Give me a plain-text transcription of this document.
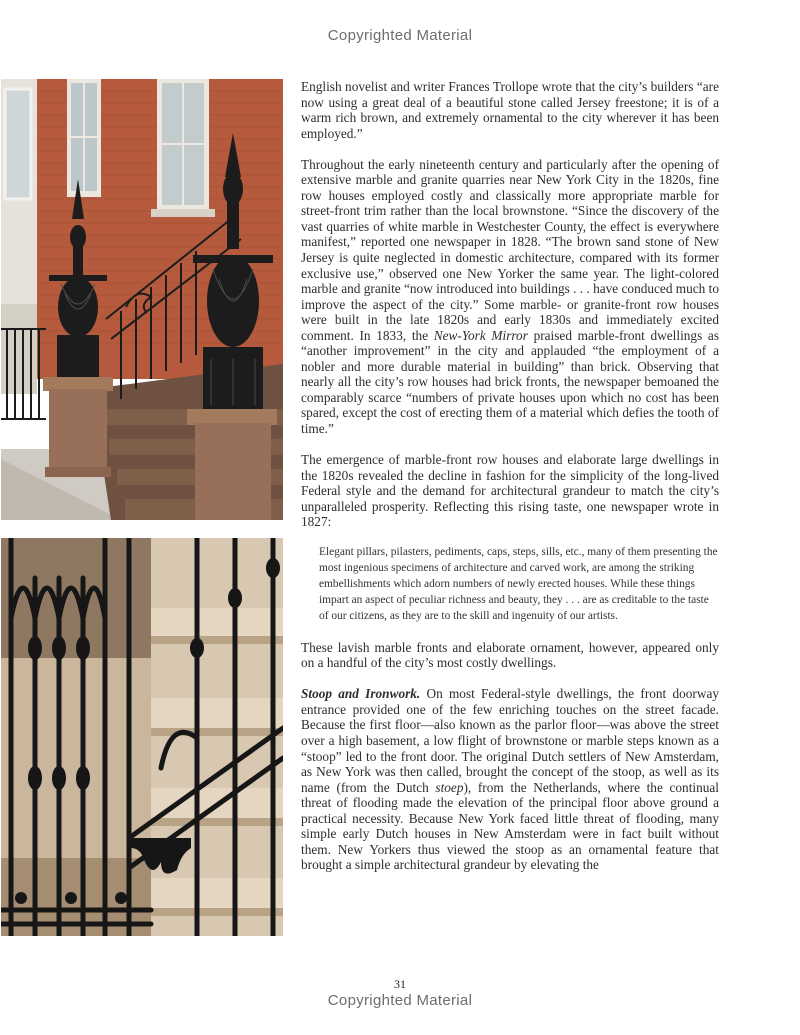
Copyrighted Material

English novelist and writer Frances Trollope wrote that the city’s builders “are now using a great deal of a beautiful stone called Jersey freestone; it is of a warm rich brown, and extremely ornamental to the city wherever it has been employed.”

Throughout the early nineteenth century and particularly after the opening of extensive marble and granite quarries near New York City in the 1820s, fine row houses employed costly and classically more appropriate marble for street-front trim rather than the local brownstone. “Since the discovery of the vast quarries of white marble in Westchester County, the effect is everywhere manifest,” reported one newspaper in 1828. “The brown sand stone of New Jersey is quite neglected in domestic architecture, compared with its former exclusive use,” observed one New Yorker the same year. The light-colored marble and granite “now introduced into buildings . . . have conduced much to improve the aspect of the city.” Some marble- or granite-front row houses were built in the late 1820s and early 1830s and immediately excited comment. In 1833, the New-York Mirror praised marble-front dwellings as “another improvement” in the city and applauded “the employment of a nobler and more durable material in building” than brick. Observing that nearly all the city’s row houses had brick fronts, the newspaper bemoaned the comparably scarce “numbers of private houses upon which no cost has been spared, except the cost of erecting them of a material which defies the tooth of time.”

The emergence of marble-front row houses and elaborate large dwellings in the 1820s revealed the decline in fashion for the simplicity of the long-lived Federal style and the demand for architectural grandeur to match the city’s unparalleled prosperity. Reflecting this rising taste, one newspaper wrote in 1827:

Elegant pillars, pilasters, pediments, caps, steps, sills, etc., many of them presenting the most ingenious specimens of architecture and carved work, are among the striking embellishments which adorn numbers of newly erected houses. While these things impart an aspect of peculiar richness and beauty, they . . . are as creditable to the taste of our citizens, as they are to the skill and ingenuity of our artists.

These lavish marble fronts and elaborate ornament, however, appeared only on a handful of the city’s most costly dwellings.

Stoop and Ironwork. On most Federal-style dwellings, the front doorway entrance provided one of the few enriching touches on the street facade. Because the first floor—also known as the parlor floor—was above the street over a high basement, a low flight of brownstone or marble steps known as a “stoop” led to the front door. The original Dutch settlers of New Amsterdam, as New York was then called, brought the concept of the stoop, as well as its name (from the Dutch stoep), from the Netherlands, where the continual threat of flooding made the elevation of the principal floor above ground a practical necessity. Because New York faced little threat of flooding, many simple early Dutch houses in New Amsterdam were in fact built without them. New Yorkers thus viewed the stoop as an ornamental feature that brought a simple architectural grandeur by elevating the

31
Copyrighted Material
